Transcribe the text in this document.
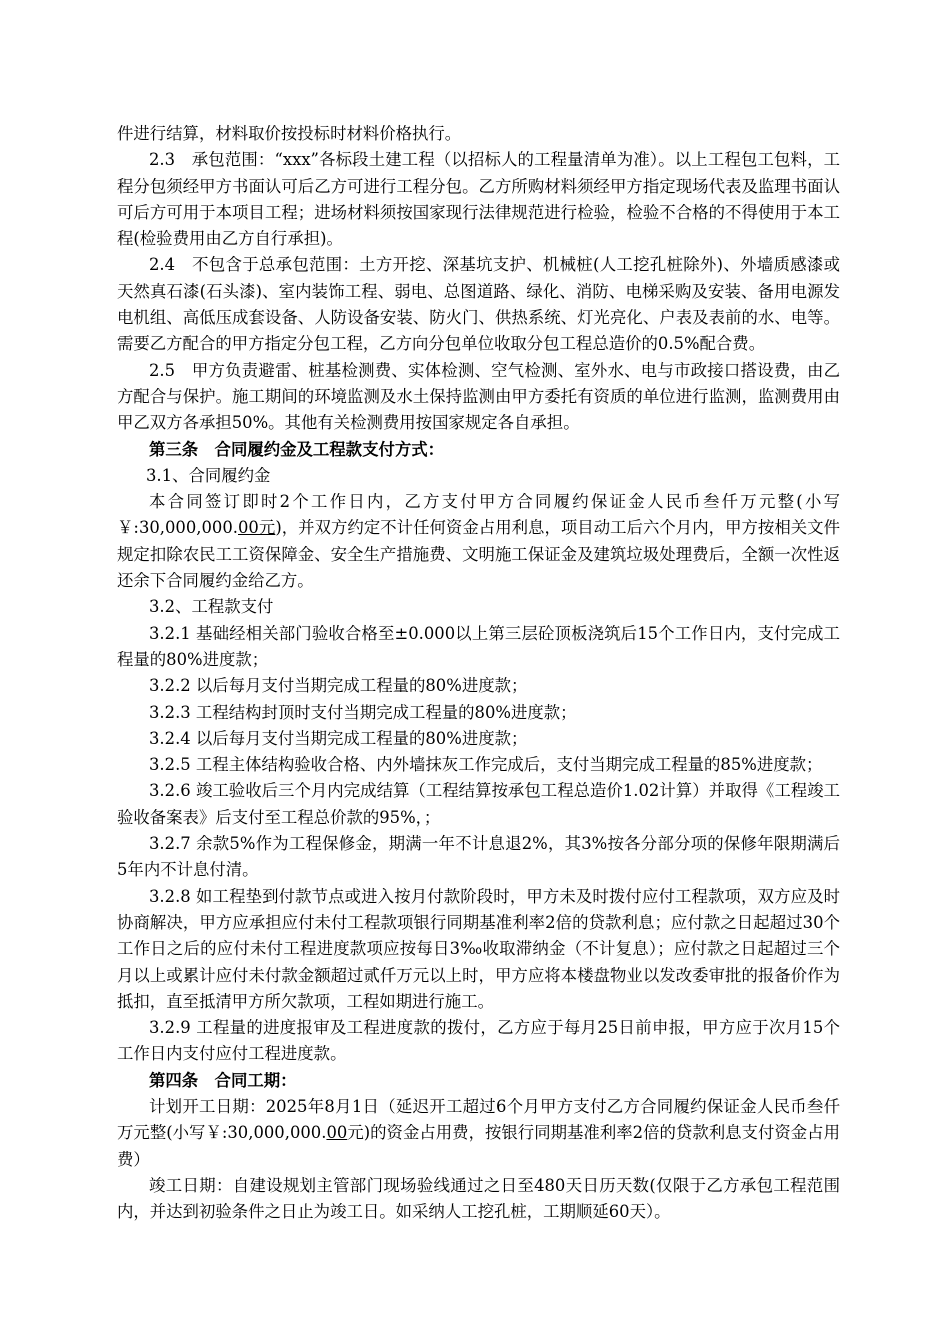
件进行结算，材料取价按投标时材料价格执行。

2.3　承包范围：“xxx”各标段土建工程（以招标人的工程量清单为准）。以上工程包工包料，工程分包须经甲方书面认可后乙方可进行工程分包。乙方所购材料须经甲方指定现场代表及监理书面认可后方可用于本项目工程；进场材料须按国家现行法律规范进行检验，检验不合格的不得使用于本工程(检验费用由乙方自行承担)。

2.4　不包含于总承包范围：土方开挖、深基坑支护、机械桩(人工挖孔桩除外)、外墙质感漆或天然真石漆(石头漆)、室内装饰工程、弱电、总图道路、绿化、消防、电梯采购及安装、备用电源发电机组、高低压成套设备、人防设备安装、防火门、供热系统、灯光亮化、户表及表前的水、电等。需要乙方配合的甲方指定分包工程，乙方向分包单位收取分包工程总造价的0.5%配合费。

2.5　甲方负责避雷、桩基检测费、实体检测、空气检测、室外水、电与市政接口搭设费，由乙方配合与保护。施工期间的环境监测及水土保持监测由甲方委托有资质的单位进行监测，监测费用由甲乙双方各承担50%。其他有关检测费用按国家规定各自承担。

第三条　合同履约金及工程款支付方式：

3.1、合同履约金

本合同签订即时2个工作日内，乙方支付甲方合同履约保证金人民币叁仟万元整(小写￥:30,000,000.00元)，并双方约定不计任何资金占用利息，项目动工后六个月内，甲方按相关文件规定扣除农民工工资保障金、安全生产措施费、文明施工保证金及建筑垃圾处理费后，全额一次性返还余下合同履约金给乙方。

3.2、工程款支付

3.2.1 基础经相关部门验收合格至±0.000以上第三层砼顶板浇筑后15个工作日内，支付完成工程量的80%进度款；

3.2.2 以后每月支付当期完成工程量的80%进度款；

3.2.3 工程结构封顶时支付当期完成工程量的80%进度款；

3.2.4 以后每月支付当期完成工程量的80%进度款；

3.2.5 工程主体结构验收合格、内外墙抹灰工作完成后，支付当期完成工程量的85%进度款；

3.2.6 竣工验收后三个月内完成结算（工程结算按承包工程总造价1.02计算）并取得《工程竣工验收备案表》后支付至工程总价款的95%，；

3.2.7 余款5%作为工程保修金，期满一年不计息退2%，其3%按各分部分项的保修年限期满后5年内不计息付清。

3.2.8 如工程垫到付款节点或进入按月付款阶段时，甲方未及时拨付应付工程款项，双方应及时协商解决，甲方应承担应付未付工程款项银行同期基准利率2倍的贷款利息；应付款之日起超过30个工作日之后的应付未付工程进度款项应按每日3‰收取滞纳金（不计复息）；应付款之日起超过三个月以上或累计应付未付款金额超过贰仟万元以上时，甲方应将本楼盘物业以发改委审批的报备价作为抵扣，直至抵清甲方所欠款项，工程如期进行施工。

3.2.9 工程量的进度报审及工程进度款的拨付，乙方应于每月25日前申报，甲方应于次月15个工作日内支付应付工程进度款。

第四条　合同工期：

计划开工日期：2025年8月1日（延迟开工超过6个月甲方支付乙方合同履约保证金人民币叁仟万元整(小写￥:30,000,000.00元)的资金占用费，按银行同期基准利率2倍的贷款利息支付资金占用费）

竣工日期：自建设规划主管部门现场验线通过之日至480天日历天数(仅限于乙方承包工程范围内，并达到初验条件之日止为竣工日。如采纳人工挖孔桩，工期顺延60天）。
